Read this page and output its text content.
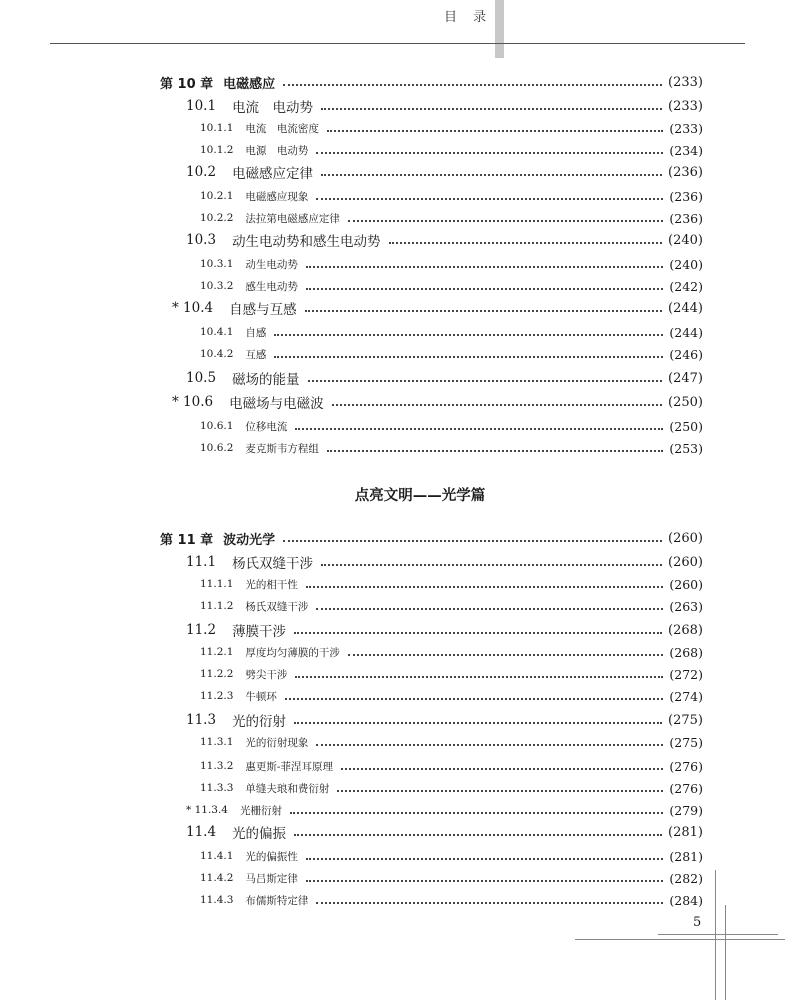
目 录
第 10 章 电磁感应	(233)
10.1 电流　电动势	(233)
10.1.1 电流　电流密度	(233)
10.1.2 电源　电动势	(234)
10.2 电磁感应定律	(236)
10.2.1 电磁感应现象	(236)
10.2.2 法拉第电磁感应定律	(236)
10.3 动生电动势和感生电动势	(240)
10.3.1 动生电动势	(240)
10.3.2 感生电动势	(242)
* 10.4 自感与互感	(244)
10.4.1 自感	(244)
10.4.2 互感	(246)
10.5 磁场的能量	(247)
* 10.6 电磁场与电磁波	(250)
10.6.1 位移电流	(250)
10.6.2 麦克斯韦方程组	(253)
第 11 章 波动光学	(260)
11.1 杨氏双缝干涉	(260)
11.1.1 光的相干性	(260)
11.1.2 杨氏双缝干涉	(263)
11.2 薄膜干涉	(268)
11.2.1 厚度均匀薄膜的干涉	(268)
11.2.2 劈尖干涉	(272)
11.2.3 牛顿环	(274)
11.3 光的衍射	(275)
11.3.1 光的衍射现象	(275)
11.3.2 惠更斯-菲涅耳原理	(276)
11.3.3 单缝夫琅和费衍射	(276)
* 11.3.4 光栅衍射	(279)
11.4 光的偏振	(281)
11.4.1 光的偏振性	(281)
11.4.2 马吕斯定律	(282)
11.4.3 布儒斯特定律	(284)
点亮文明——光学篇
5
